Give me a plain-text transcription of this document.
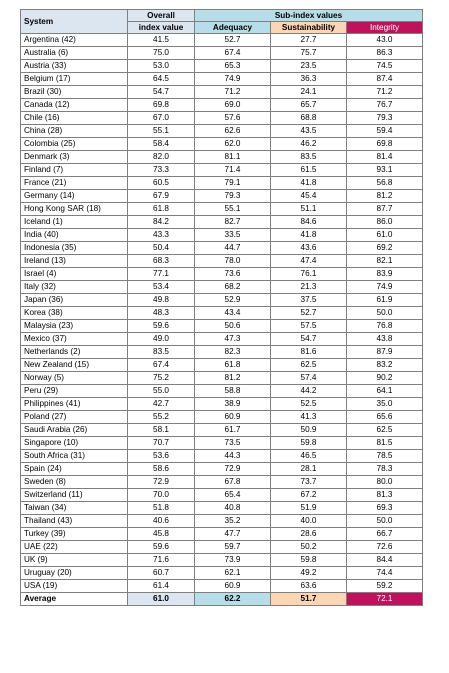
System	Overall	Sub-index values		
	index value	Adequacy	Sustainability	Integrity
Argentina (42)	41.5	52.7	27.7	43.0
Australia (6)	75.0	67.4	75.7	86.3
Austria (33)	53.0	65.3	23.5	74.5
Belgium (17)	64.5	74.9	36.3	87.4
Brazil (30)	54.7	71.2	24.1	71.2
Canada (12)	69.8	69.0	65.7	76.7
Chile (16)	67.0	57.6	68.8	79.3
China (28)	55.1	62.6	43.5	59.4
Colombia (25)	58.4	62.0	46.2	69.8
Denmark (3)	82.0	81.1	83.5	81.4
Finland (7)	73.3	71.4	61.5	93.1
France (21)	60.5	79.1	41.8	56.8
Germany (14)	67.9	79.3	45.4	81.2
Hong Kong SAR (18)	61.8	55.1	51.1	87.7
Iceland (1)	84.2	82.7	84.6	86.0
India (40)	43.3	33.5	41.8	61.0
Indonesia (35)	50.4	44.7	43.6	69.2
Ireland (13)	68.3	78.0	47.4	82.1
Israel (4)	77.1	73.6	76.1	83.9
Italy (32)	53.4	68.2	21.3	74.9
Japan (36)	49.8	52.9	37.5	61.9
Korea (38)	48.3	43.4	52.7	50.0
Malaysia (23)	59.6	50.6	57.5	76.8
Mexico (37)	49.0	47.3	54.7	43.8
Netherlands (2)	83.5	82.3	81.6	87.9
New Zealand (15)	67.4	61.8	62.5	83.2
Norway (5)	75.2	81.2	57.4	90.2
Peru (29)	55.0	58.8	44.2	64.1
Philippines (41)	42.7	38.9	52.5	35.0
Poland (27)	55.2	60.9	41.3	65.6
Saudi Arabia (26)	58.1	61.7	50.9	62.5
Singapore (10)	70.7	73.5	59.8	81.5
South Africa (31)	53.6	44.3	46.5	78.5
Spain (24)	58.6	72.9	28.1	78.3
Sweden (8)	72.9	67.8	73.7	80.0
Switzerland (11)	70.0	65.4	67.2	81.3
Taiwan (34)	51.8	40.8	51.9	69.3
Thailand (43)	40.6	35.2	40.0	50.0
Turkey (39)	45.8	47.7	28.6	66.7
UAE (22)	59.6	59.7	50.2	72.6
UK (9)	71.6	73.9	59.8	84.4
Uruguay (20)	60.7	62.1	49.2	74.4
USA (19)	61.4	60.9	63.6	59.2
Average	61.0	62.2	51.7	72.1
